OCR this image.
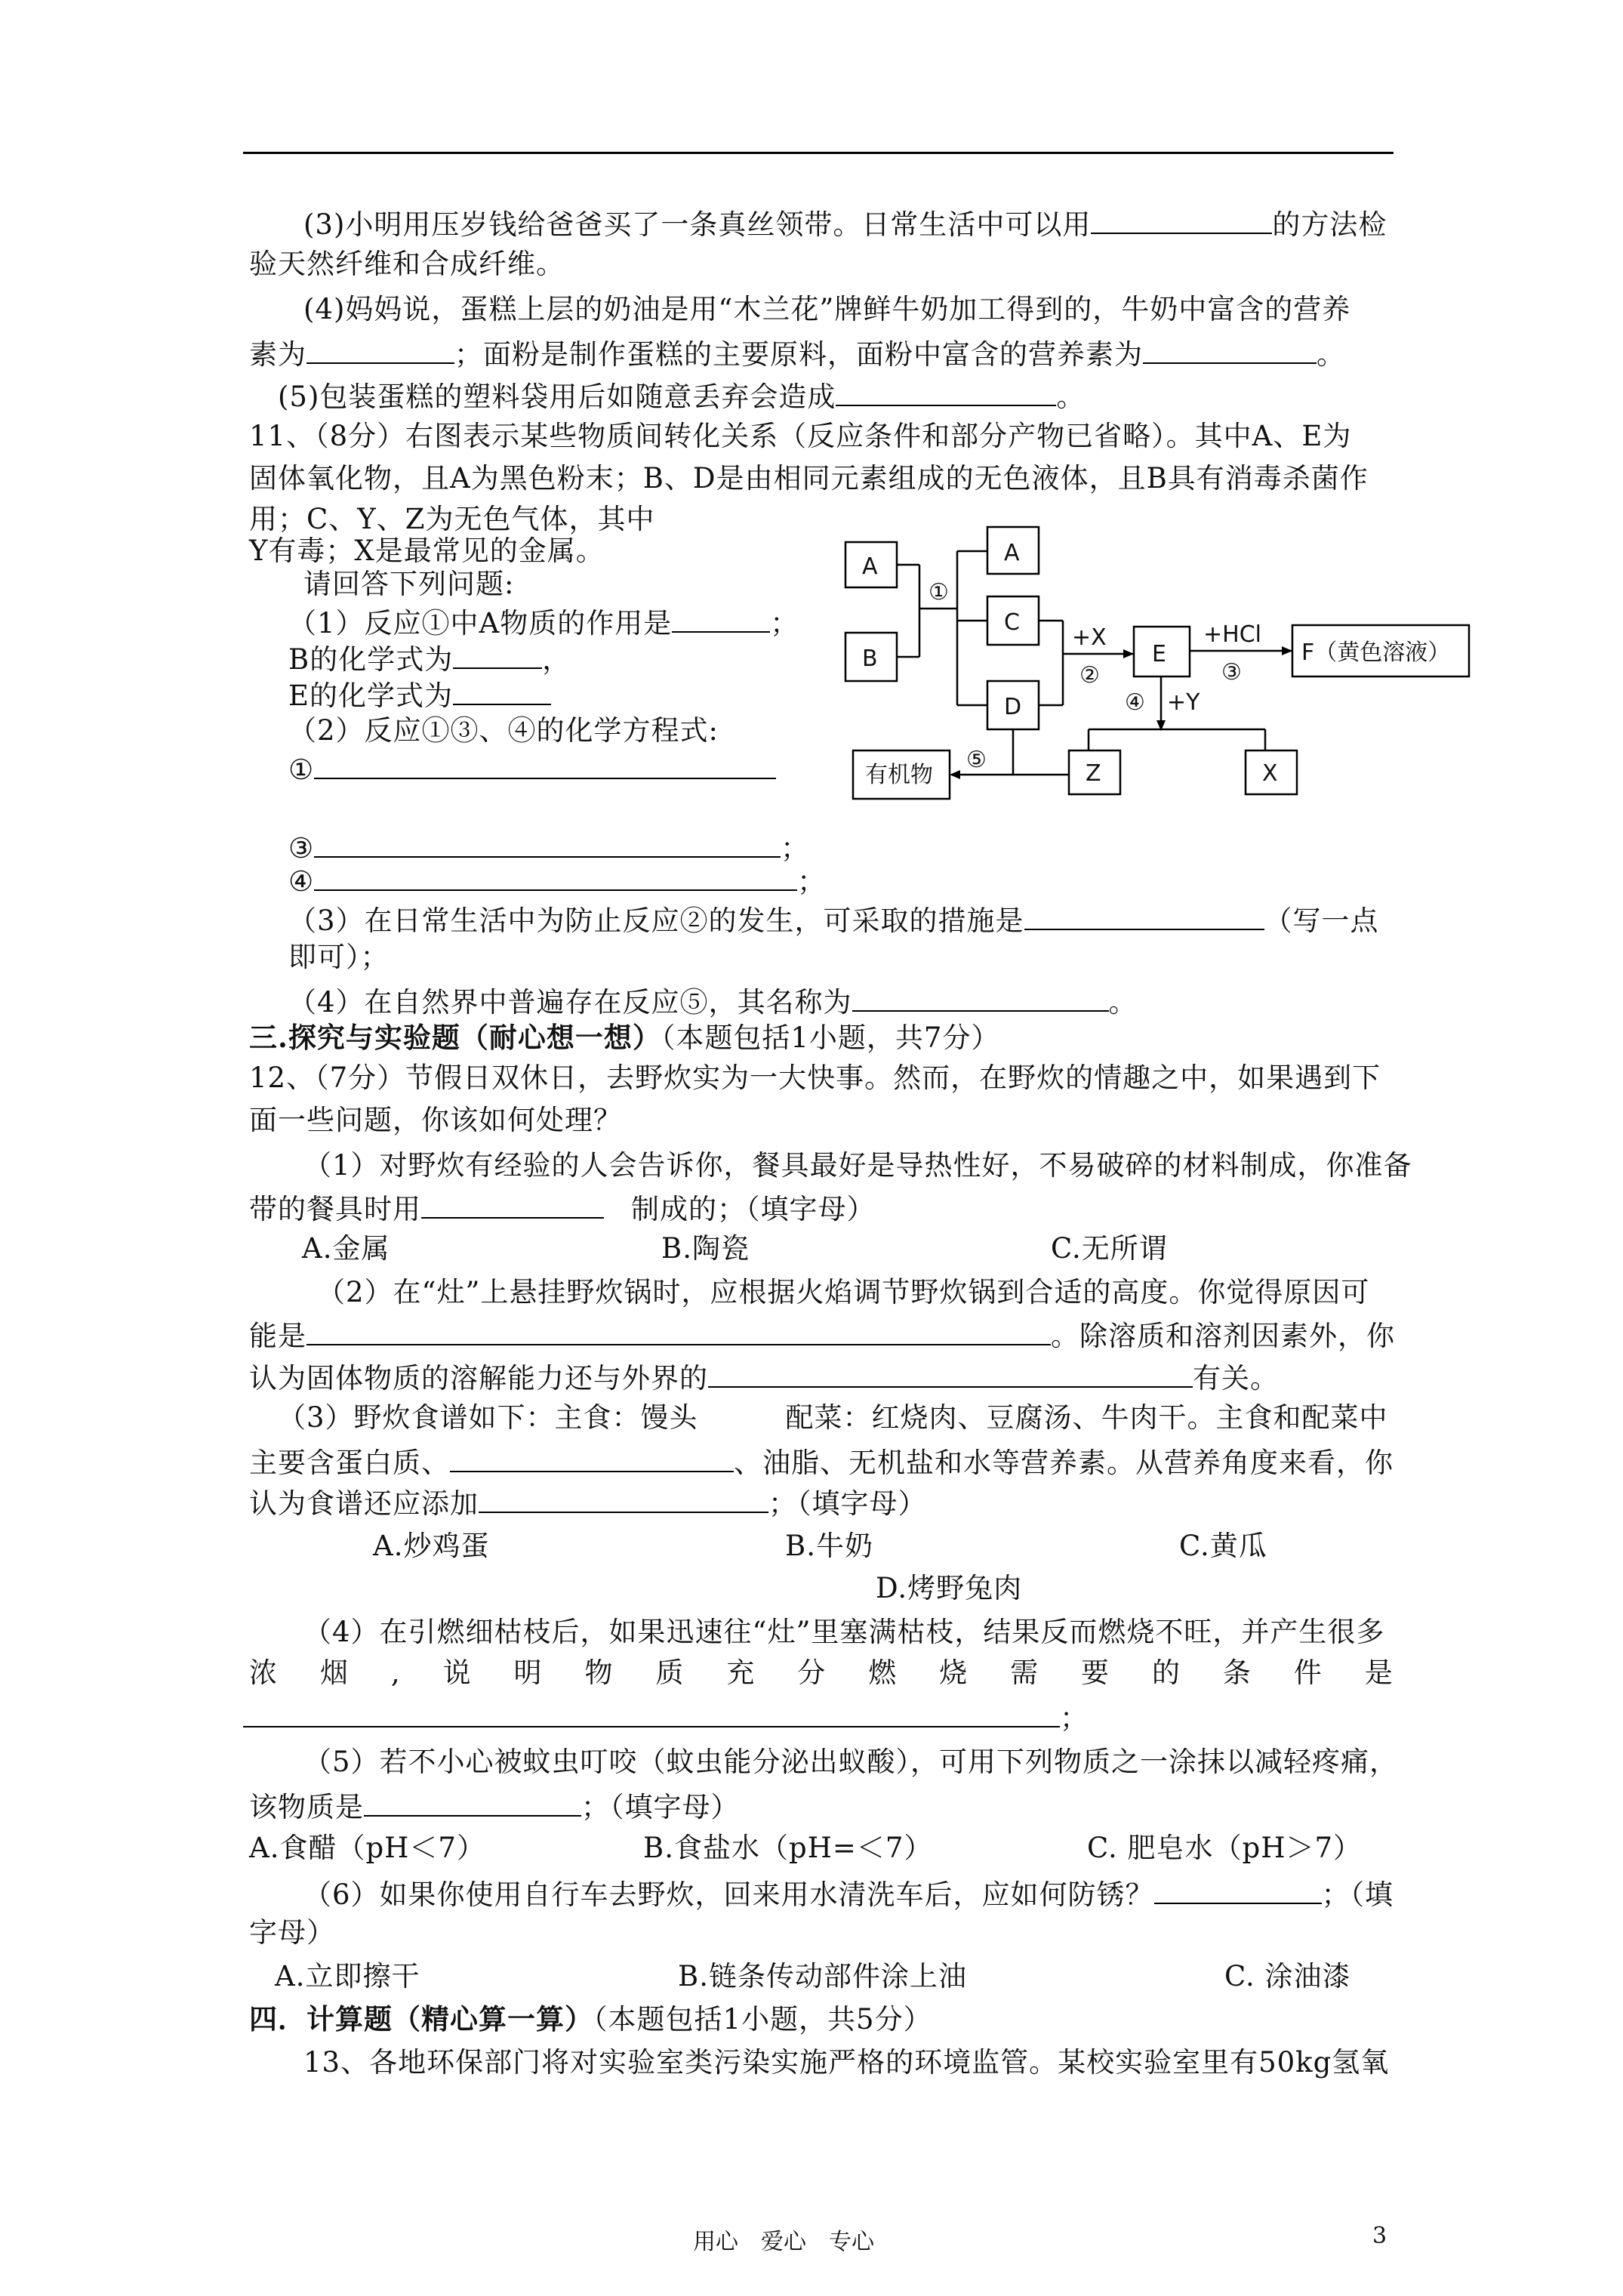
(3)小明用压岁钱给爸爸买了一条真丝领带。日常生活中可以用	的方法检
验天然纤维和合成纤维。
(4)妈妈说，蛋糕上层的奶油是用“木兰花”牌鲜牛奶加工得到的，牛奶中富含的营养
素为	；面粉是制作蛋糕的主要原料，面粉中富含的营养素为	。
(5)包装蛋糕的塑料袋用后如随意丢弃会造成	。
11、（8分）右图表示某些物质间转化关系（反应条件和部分产物已省略）。其中A、E为
固体氧化物，且A为黑色粉末；B、D是由相同元素组成的无色液体，且B具有消毒杀菌作
用；C、Y、Z为无色气体，其中
Y有毒；X是最常见的金属。
请回答下列问题:
（1）反应①中A物质的作用是	；
B的化学式为	，
E的化学式为
（2）反应①③、④的化学方程式:
①
③	；
④	；
（3）在日常生活中为防止反应②的发生，可采取的措施是	（写一点
即可）；
（4）在自然界中普遍存在反应⑤，其名称为	。
A
B
①
A
C
D
+X
②
E
+HCl
③
F（黄色溶液）
④ +Y
Z	X
⑤
有机物
三.探究与实验题（耐心想一想）（本题包括1小题，共7分）
12、（7分）节假日双休日，去野炊实为一大快事。然而，在野炊的情趣之中，如果遇到下
面一些问题，你该如何处理？
（1）对野炊有经验的人会告诉你，餐具最好是导热性好，不易破碎的材料制成，你准备
带的餐具时用	制成的；（填字母）
A.金属	B.陶瓷	C.无所谓
（2）在“灶”上悬挂野炊锅时，应根据火焰调节野炊锅到合适的高度。你觉得原因可
能是	。除溶质和溶剂因素外，你
认为固体物质的溶解能力还与外界的	有关。
（3）野炊食谱如下：主食：馒头	配菜：红烧肉、豆腐汤、牛肉干。主食和配菜中
主要含蛋白质、	、油脂、无机盐和水等营养素。从营养角度来看，你
认为食谱还应添加	；（填字母）
A.炒鸡蛋	B.牛奶	C.黄瓜
D.烤野兔肉
（4）在引燃细枯枝后，如果迅速往“灶”里塞满枯枝，结果反而燃烧不旺，并产生很多
浓 烟 , 说 明 物 质 充 分 燃 烧 需 要 的 条 件 是
；
（5）若不小心被蚊虫叮咬（蚊虫能分泌出蚁酸），可用下列物质之一涂抹以减轻疼痛，
该物质是	；（填字母）
A.食醋（pH＜7）	B.食盐水（pH=＜7）	C. 肥皂水（pH＞7）
（6）如果你使用自行车去野炊，回来用水清洗车后，应如何防锈？	；（填
字母）
A.立即擦干	B.链条传动部件涂上油	C. 涂油漆
四．计算题（精心算一算）（本题包括1小题，共5分）
13、各地环保部门将对实验室类污染实施严格的环境监管。某校实验室里有50kg氢氧
用心　爱心　专心	3
